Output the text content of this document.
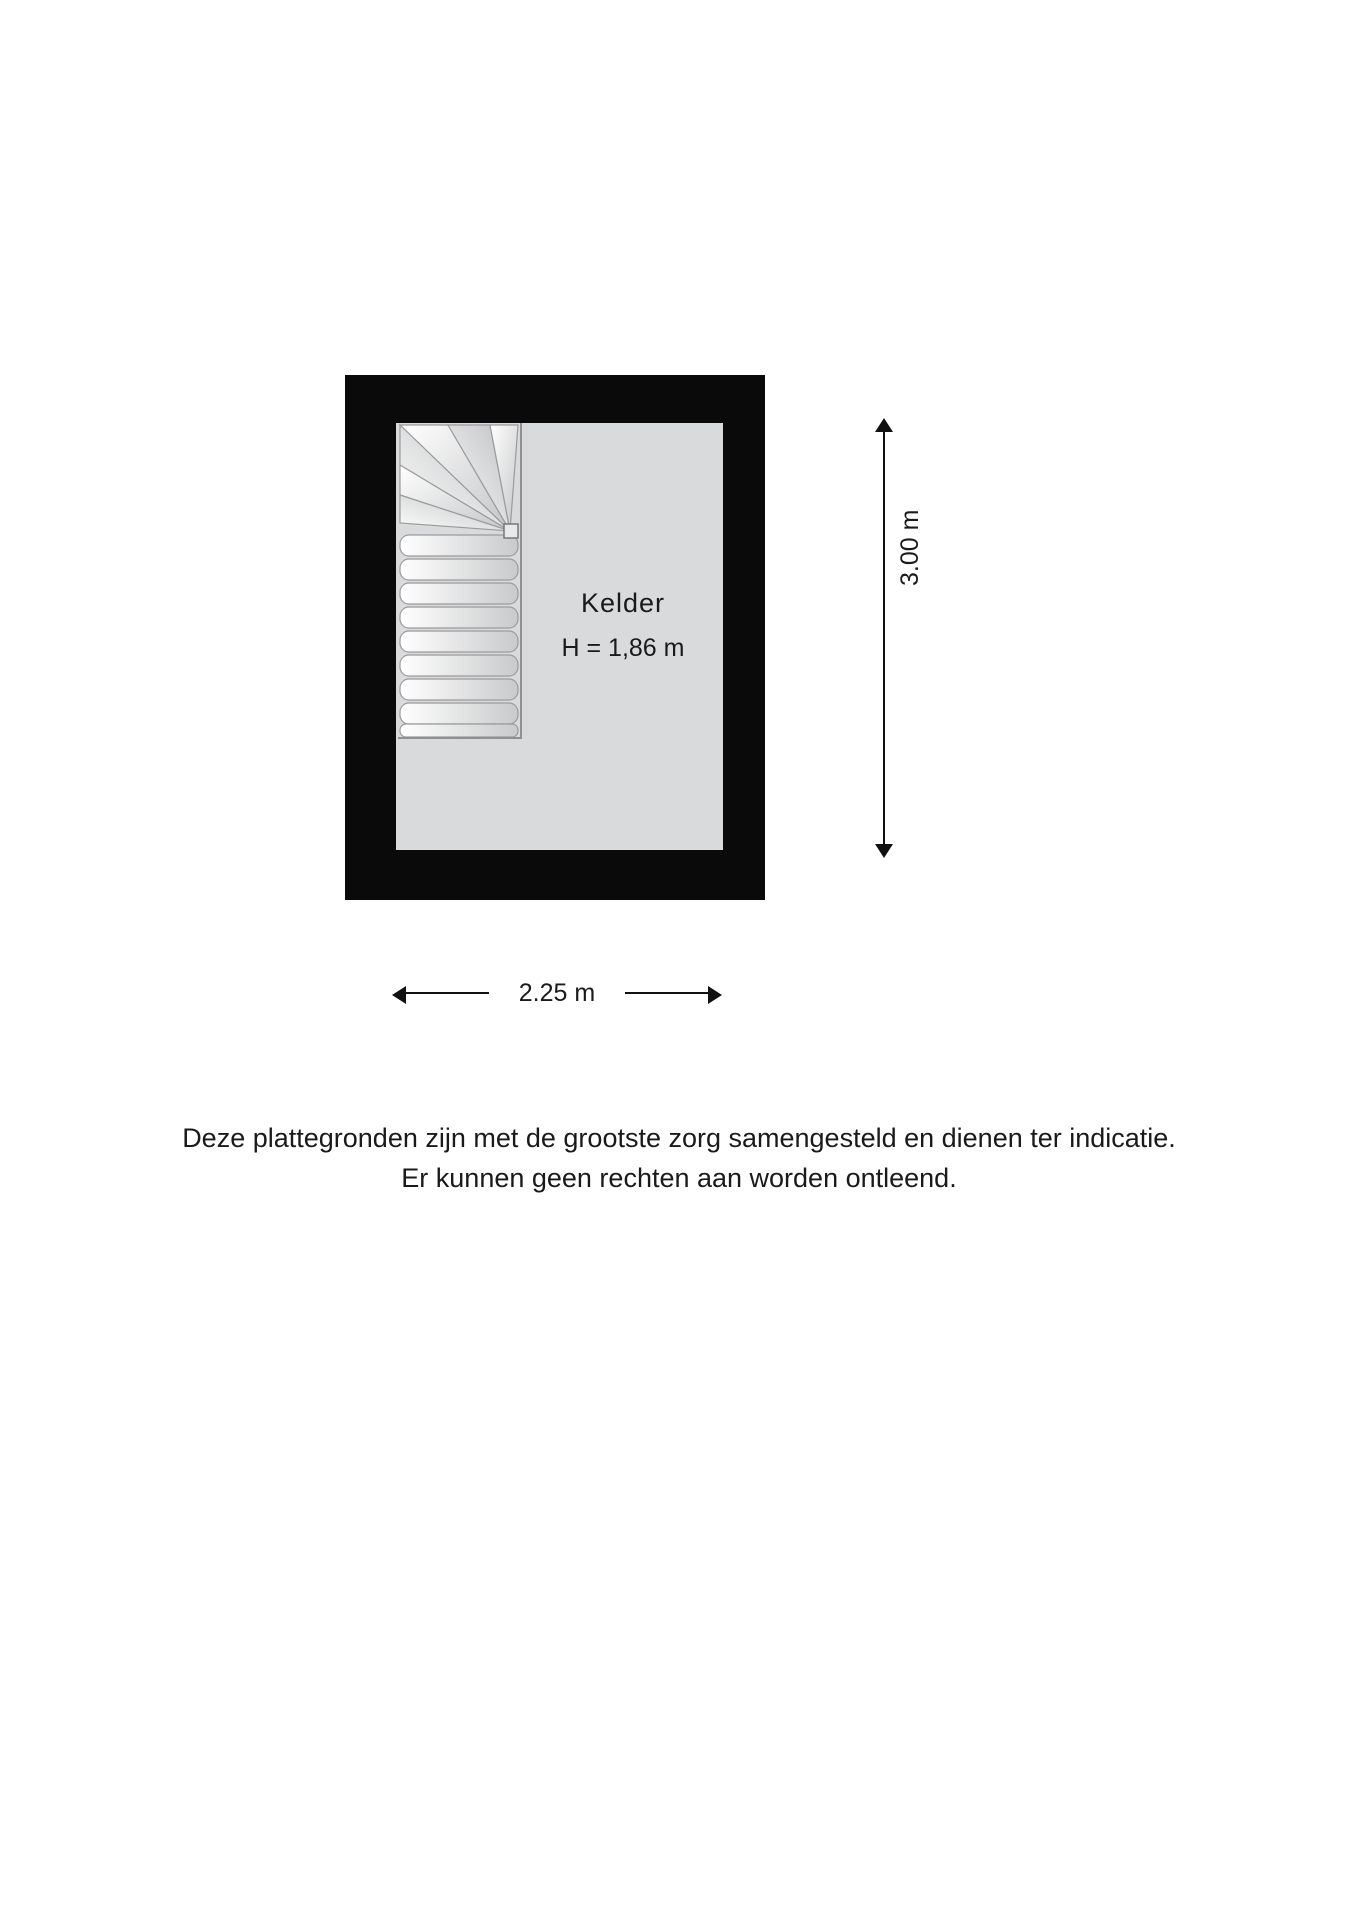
Kelder
H = 1,86 m
3.00 m
2.25 m
Deze plattegronden zijn met de grootste zorg samengesteld en dienen ter indicatie.
Er kunnen geen rechten aan worden ontleend.
